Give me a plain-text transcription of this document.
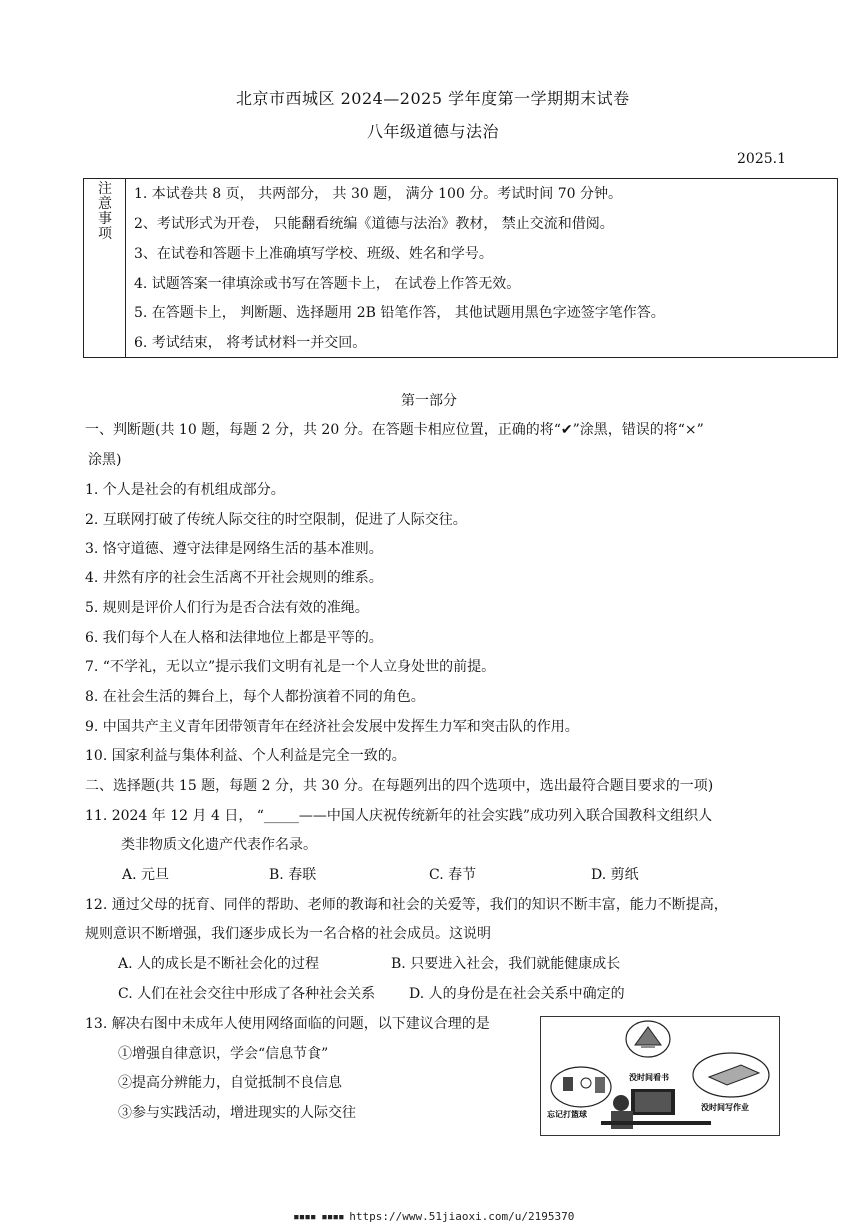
北京市西城区 2024—2025 学年度第一学期期末试卷
八年级道德与法治
2025.1
注意事项
1. 本试卷共 8 页， 共两部分， 共 30 题， 满分 100 分。考试时间 70 分钟。
2、考试形式为开卷， 只能翻看统编《道德与法治》教材， 禁止交流和借阅。
3、在试卷和答题卡上准确填写学校、班级、姓名和学号。
4. 试题答案一律填涂或书写在答题卡上， 在试卷上作答无效。
5. 在答题卡上， 判断题、选择题用 2B 铅笔作答， 其他试题用黑色字迹签字笔作答。
6. 考试结束， 将考试材料一并交回。
第一部分
一、判断题(共 10 题，每题 2 分，共 20 分。在答题卡相应位置，正确的将“✔”涂黑，错误的将“×”
涂黑)
1. 个人是社会的有机组成部分。
2. 互联网打破了传统人际交往的时空限制，促进了人际交往。
3. 恪守道德、遵守法律是网络生活的基本准则。
4. 井然有序的社会生活离不开社会规则的维系。
5. 规则是评价人们行为是否合法有效的准绳。
6. 我们每个人在人格和法律地位上都是平等的。
7. “不学礼，无以立”提示我们文明有礼是一个人立身处世的前提。
8. 在社会生活的舞台上，每个人都扮演着不同的角色。
9. 中国共产主义青年团带领青年在经济社会发展中发挥生力军和突击队的作用。
10. 国家利益与集体利益、个人利益是完全一致的。
二、选择题(共 15 题，每题 2 分，共 30 分。在每题列出的四个选项中，选出最符合题目要求的一项)
11. 2024 年 12 月 4 日， “_____——中国人庆祝传统新年的社会实践”成功列入联合国教科文组织人
类非物质文化遗产代表作名录。
A. 元旦	B. 春联	C. 春节	D. 剪纸
12. 通过父母的抚育、同伴的帮助、老师的教诲和社会的关爱等，我们的知识不断丰富，能力不断提高，
规则意识不断增强，我们逐步成长为一名合格的社会成员。这说明
A. 人的成长是不断社会化的过程	B. 只要进入社会，我们就能健康成长
C. 人们在社会交往中形成了各种社会关系 D. 人的身份是在社会关系中确定的
13. 解决右图中未成年人使用网络面临的问题，以下建议合理的是
①增强自律意识，学会“信息节食”
②提高分辨能力，自觉抵制不良信息
③参与实践活动，增进现实的人际交往
没时间看书
没时间写作业
忘记打篮球
▪▪▪▪ ▪▪▪▪ https://www.51jiaoxi.com/u/2195370
